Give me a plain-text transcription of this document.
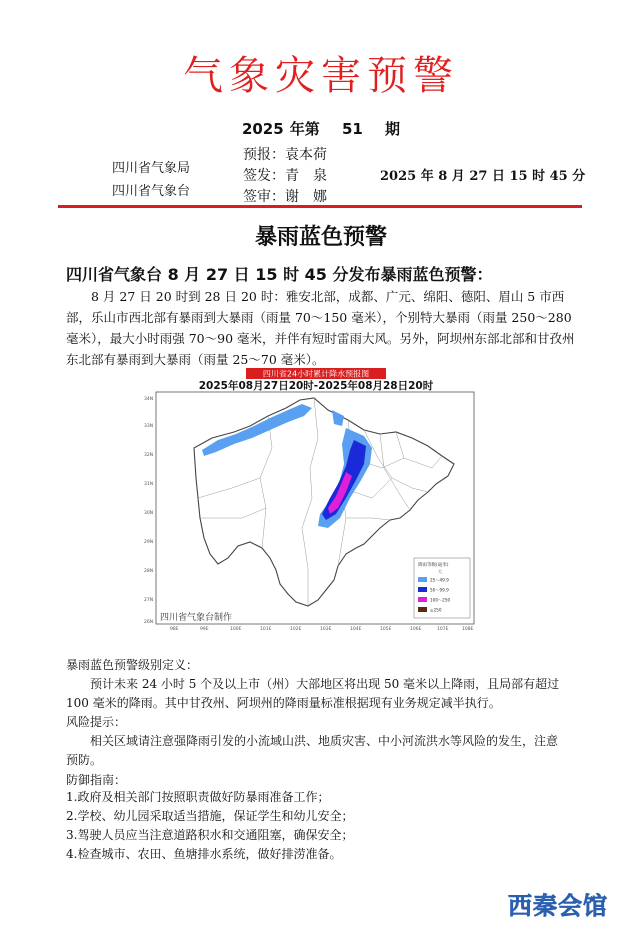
气象灾害预警
2025 年第 51 期
四川省气象局
四川省气象台
预报：袁本荷
签发：青　泉
签审：谢　娜
2025 年 8 月 27 日 15 时 45 分
暴雨蓝色预警
四川省气象台 8 月 27 日 15 时 45 分发布暴雨蓝色预警：
8 月 27 日 20 时到 28 日 20 时：雅安北部，成都、广元、绵阳、德阳、眉山 5 市西部，乐山市西北部有暴雨到大暴雨（雨量 70～150 毫米），个别特大暴雨（雨量 250～280 毫米），最大小时雨强 70～90 毫米，并伴有短时雷雨大风。另外，阿坝州东部北部和甘孜州东北部有暴雨到大暴雨（雨量 25～70 毫米）。
四川省24小时累计降水预报图
2025年08月27日20时-2025年08月28日20时
34N
33N
32N
31N
30N
29N
28N
27N
26N
98E	99E	100E	101E	102E	103E	104E	105E	106E	107E	108E
降雨等级(毫米)
大
25～49.9
50～99.9
100～250
≥250
四川省气象台制作
暴雨蓝色预警级别定义：
预计未来 24 小时 5 个及以上市（州）大部地区将出现 50 毫米以上降雨，且局部有超过 100 毫米的降雨。其中甘孜州、阿坝州的降雨量标准根据现有业务规定减半执行。
风险提示：
相关区域请注意强降雨引发的小流域山洪、地质灾害、中小河流洪水等风险的发生，注意预防。
防御指南：
1.政府及相关部门按照职责做好防暴雨准备工作；
2.学校、幼儿园采取适当措施，保证学生和幼儿安全；
3.驾驶人员应当注意道路积水和交通阻塞，确保安全；
4.检查城市、农田、鱼塘排水系统，做好排涝准备。
西秦会馆
